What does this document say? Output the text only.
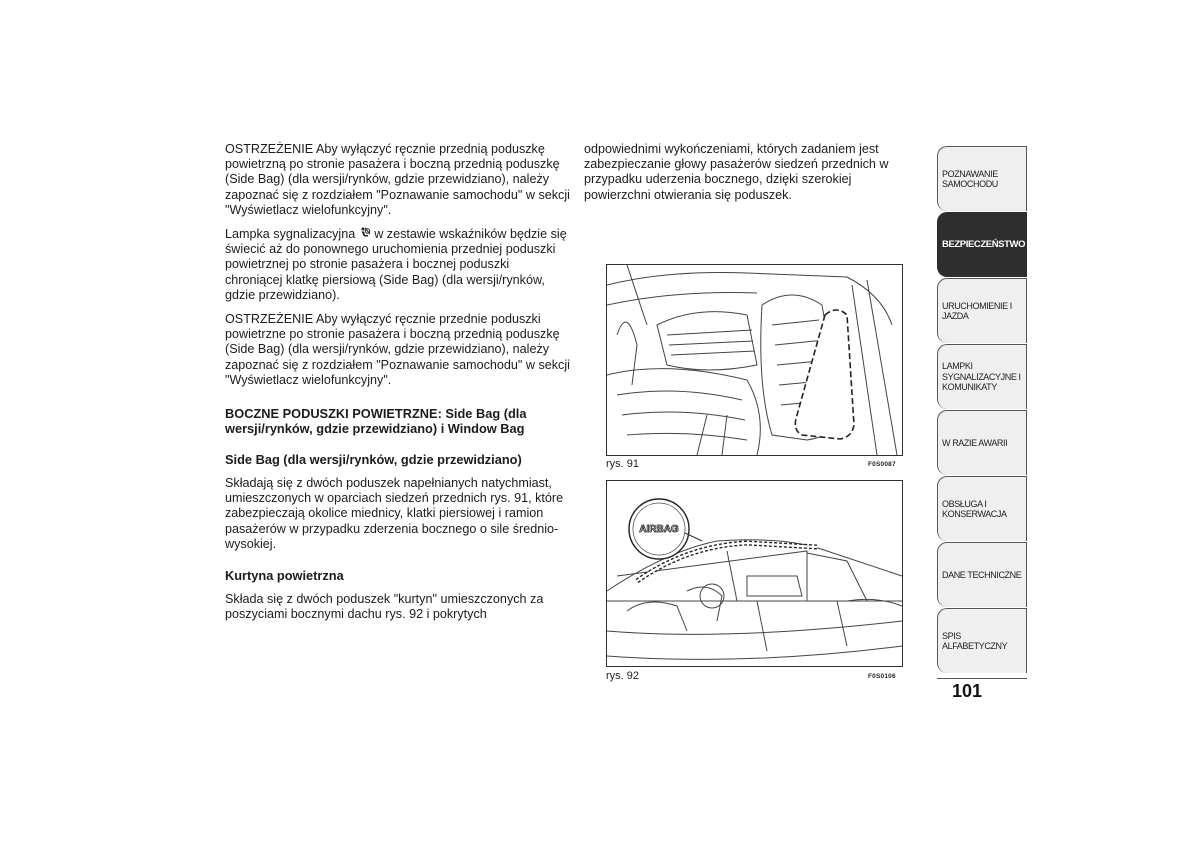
OSTRZEŻENIE Aby wyłączyć ręcznie przednią poduszkę powietrzną po stronie pasażera i boczną przednią poduszkę (Side Bag) (dla wersji/rynków, gdzie przewidziano), należy zapoznać się z rozdziałem "Poznawanie samochodu" w sekcji "Wyświetlacz wielofunkcyjny".

Lampka sygnalizacyjna  w zestawie wskaźników będzie się świecić aż do ponownego uruchomienia przedniej poduszki powietrznej po stronie pasażera i bocznej poduszki chroniącej klatkę piersiową (Side Bag) (dla wersji/rynków, gdzie przewidziano).

OSTRZEŻENIE Aby wyłączyć ręcznie przednie poduszki powietrzne po stronie pasażera i boczną przednią poduszkę (Side Bag) (dla wersji/rynków, gdzie przewidziano), należy zapoznać się z rozdziałem "Poznawanie samochodu" w sekcji "Wyświetlacz wielofunkcyjny".

BOCZNE PODUSZKI POWIETRZNE: Side Bag (dla wersji/rynków, gdzie przewidziano) i Window Bag
Side Bag (dla wersji/rynków, gdzie przewidziano)

Składają się z dwóch poduszek napełnianych natychmiast, umieszczonych w oparciach siedzeń przednich rys. 91, które zabezpieczają okolice miednicy, klatki piersiowej i ramion pasażerów w przypadku zderzenia bocznego o sile średnio-wysokiej.

Kurtyna powietrzna

Składa się z dwóch poduszek "kurtyn" umieszczonych za poszyciami bocznymi dachu rys. 92 i pokrytych

odpowiednimi wykończeniami, których zadaniem jest zabezpieczanie głowy pasażerów siedzeń przednich w przypadku uderzenia bocznego, dzięki szerokiej powierzchni otwierania się poduszek.

rys. 91	F0S0087
AIRBAG
rys. 92	F0S0106
POZNAWANIE SAMOCHODU
BEZPIECZEŃSTWO
URUCHOMIENIE I JAZDA
LAMPKI SYGNALIZACYJNE I KOMUNIKATY
W RAZIE AWARII
OBSŁUGA I KONSERWACJA
DANE TECHNICZNE
SPIS ALFABETYCZNY
101
